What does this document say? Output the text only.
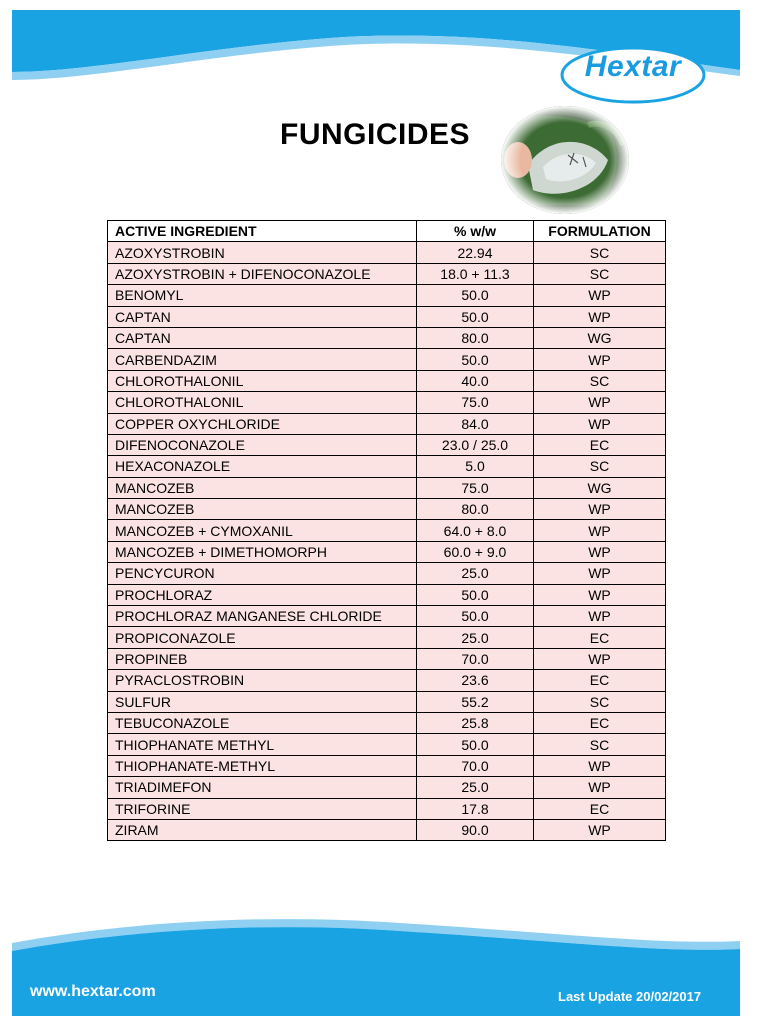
Hextar
FUNGICIDES
ACTIVE INGREDIENT	% w/w	FORMULATION
AZOXYSTROBIN	22.94	SC
AZOXYSTROBIN + DIFENOCONAZOLE	18.0 + 11.3	SC
BENOMYL	50.0	WP
CAPTAN	50.0	WP
CAPTAN	80.0	WG
CARBENDAZIM	50.0	WP
CHLOROTHALONIL	40.0	SC
CHLOROTHALONIL	75.0	WP
COPPER OXYCHLORIDE	84.0	WP
DIFENOCONAZOLE	23.0 / 25.0	EC
HEXACONAZOLE	5.0	SC
MANCOZEB	75.0	WG
MANCOZEB	80.0	WP
MANCOZEB + CYMOXANIL	64.0 + 8.0	WP
MANCOZEB + DIMETHOMORPH	60.0 + 9.0	WP
PENCYCURON	25.0	WP
PROCHLORAZ	50.0	WP
PROCHLORAZ MANGANESE CHLORIDE	50.0	WP
PROPICONAZOLE	25.0	EC
PROPINEB	70.0	WP
PYRACLOSTROBIN	23.6	EC
SULFUR	55.2	SC
TEBUCONAZOLE	25.8	EC
THIOPHANATE METHYL	50.0	SC
THIOPHANATE-METHYL	70.0	WP
TRIADIMEFON	25.0	WP
TRIFORINE	17.8	EC
ZIRAM	90.0	WP
www.hextar.com	Last Update 20/02/2017
